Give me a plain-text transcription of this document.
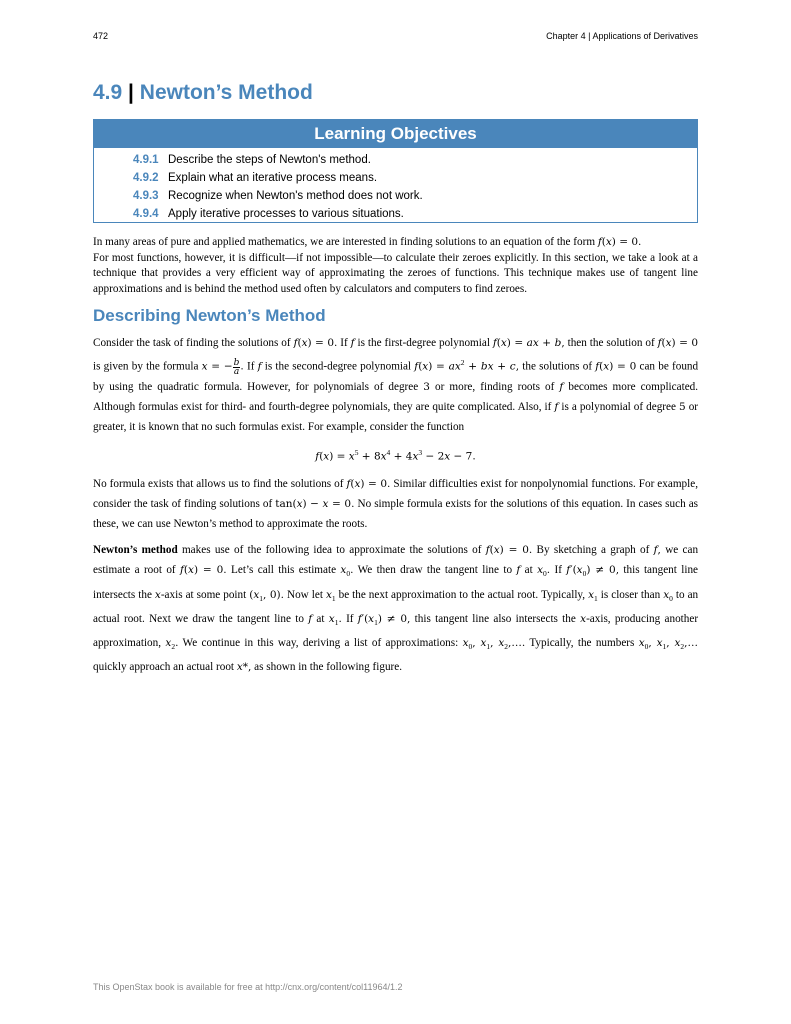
472	Chapter 4 | Applications of Derivatives
4.9 | Newton’s Method
Learning Objectives
4.9.1 Describe the steps of Newton's method.
4.9.2 Explain what an iterative process means.
4.9.3 Recognize when Newton's method does not work.
4.9.4 Apply iterative processes to various situations.

In many areas of pure and applied mathematics, we are interested in finding solutions to an equation of the form f(x) = 0.

For most functions, however, it is difficult—if not impossible—to calculate their zeroes explicitly. In this section, we take a look at a technique that provides a very efficient way of approximating the zeroes of functions. This technique makes use of tangent line approximations and is behind the method used often by calculators and computers to find zeroes.

Describing Newton’s Method

Consider the task of finding the solutions of f(x) = 0. If f is the first-degree polynomial f(x) = ax + b, then the solution of f(x) = 0 is given by the formula x = − $\frac{b}{a}$ . If f is the second-degree polynomial $f(x) = ax^2$ + bx + c, the solutions of f(x) = 0 can be found by using the quadratic formula. However, for polynomials of degree 3 or more, finding roots of f becomes more complicated. Although formulas exist for third- and fourth-degree polynomials, they are quite complicated. Also, if f is a polynomial of degree 5 or greater, it is known that no such formulas exist. For example, consider the function

$f(x) = x^5 + 8x^4 + 4x^3 - 2x - 7$.

No formula exists that allows us to find the solutions of f(x) = 0. Similar difficulties exist for nonpolynomial functions. For example, consider the task of finding solutions of tan(x) − x = 0. No simple formula exists for the solutions of this equation. In cases such as these, we can use Newton’s method to approximate the roots.

Newton’s method makes use of the following idea to approximate the solutions of f(x) = 0. By sketching a graph of f, we can estimate a root of f(x) = 0. Let’s call this estimate $x_0$. We then draw the tangent line to f at $x_0$. If $f'(x_0) \ne 0$, this tangent line intersects the x-axis at some point ($x_1$, 0). Now let $x_1$ be the next approximation to the actual root. Typically, $x_1$ is closer than $x_0$ to an actual root. Next we draw the tangent line to f at $x_1$. If $f'(x_1) \ne 0$, this tangent line also intersects the x-axis, producing another approximation, $x_2$. We continue in this way, deriving a list of approximations: $x_0$, $x_1$, $x_2,\dots$. Typically, the numbers $x_0$, $x_1$, $x_2,\dots$ quickly approach an actual root x*, as shown in the following figure.

This OpenStax book is available for free at http://cnx.org/content/col11964/1.2
